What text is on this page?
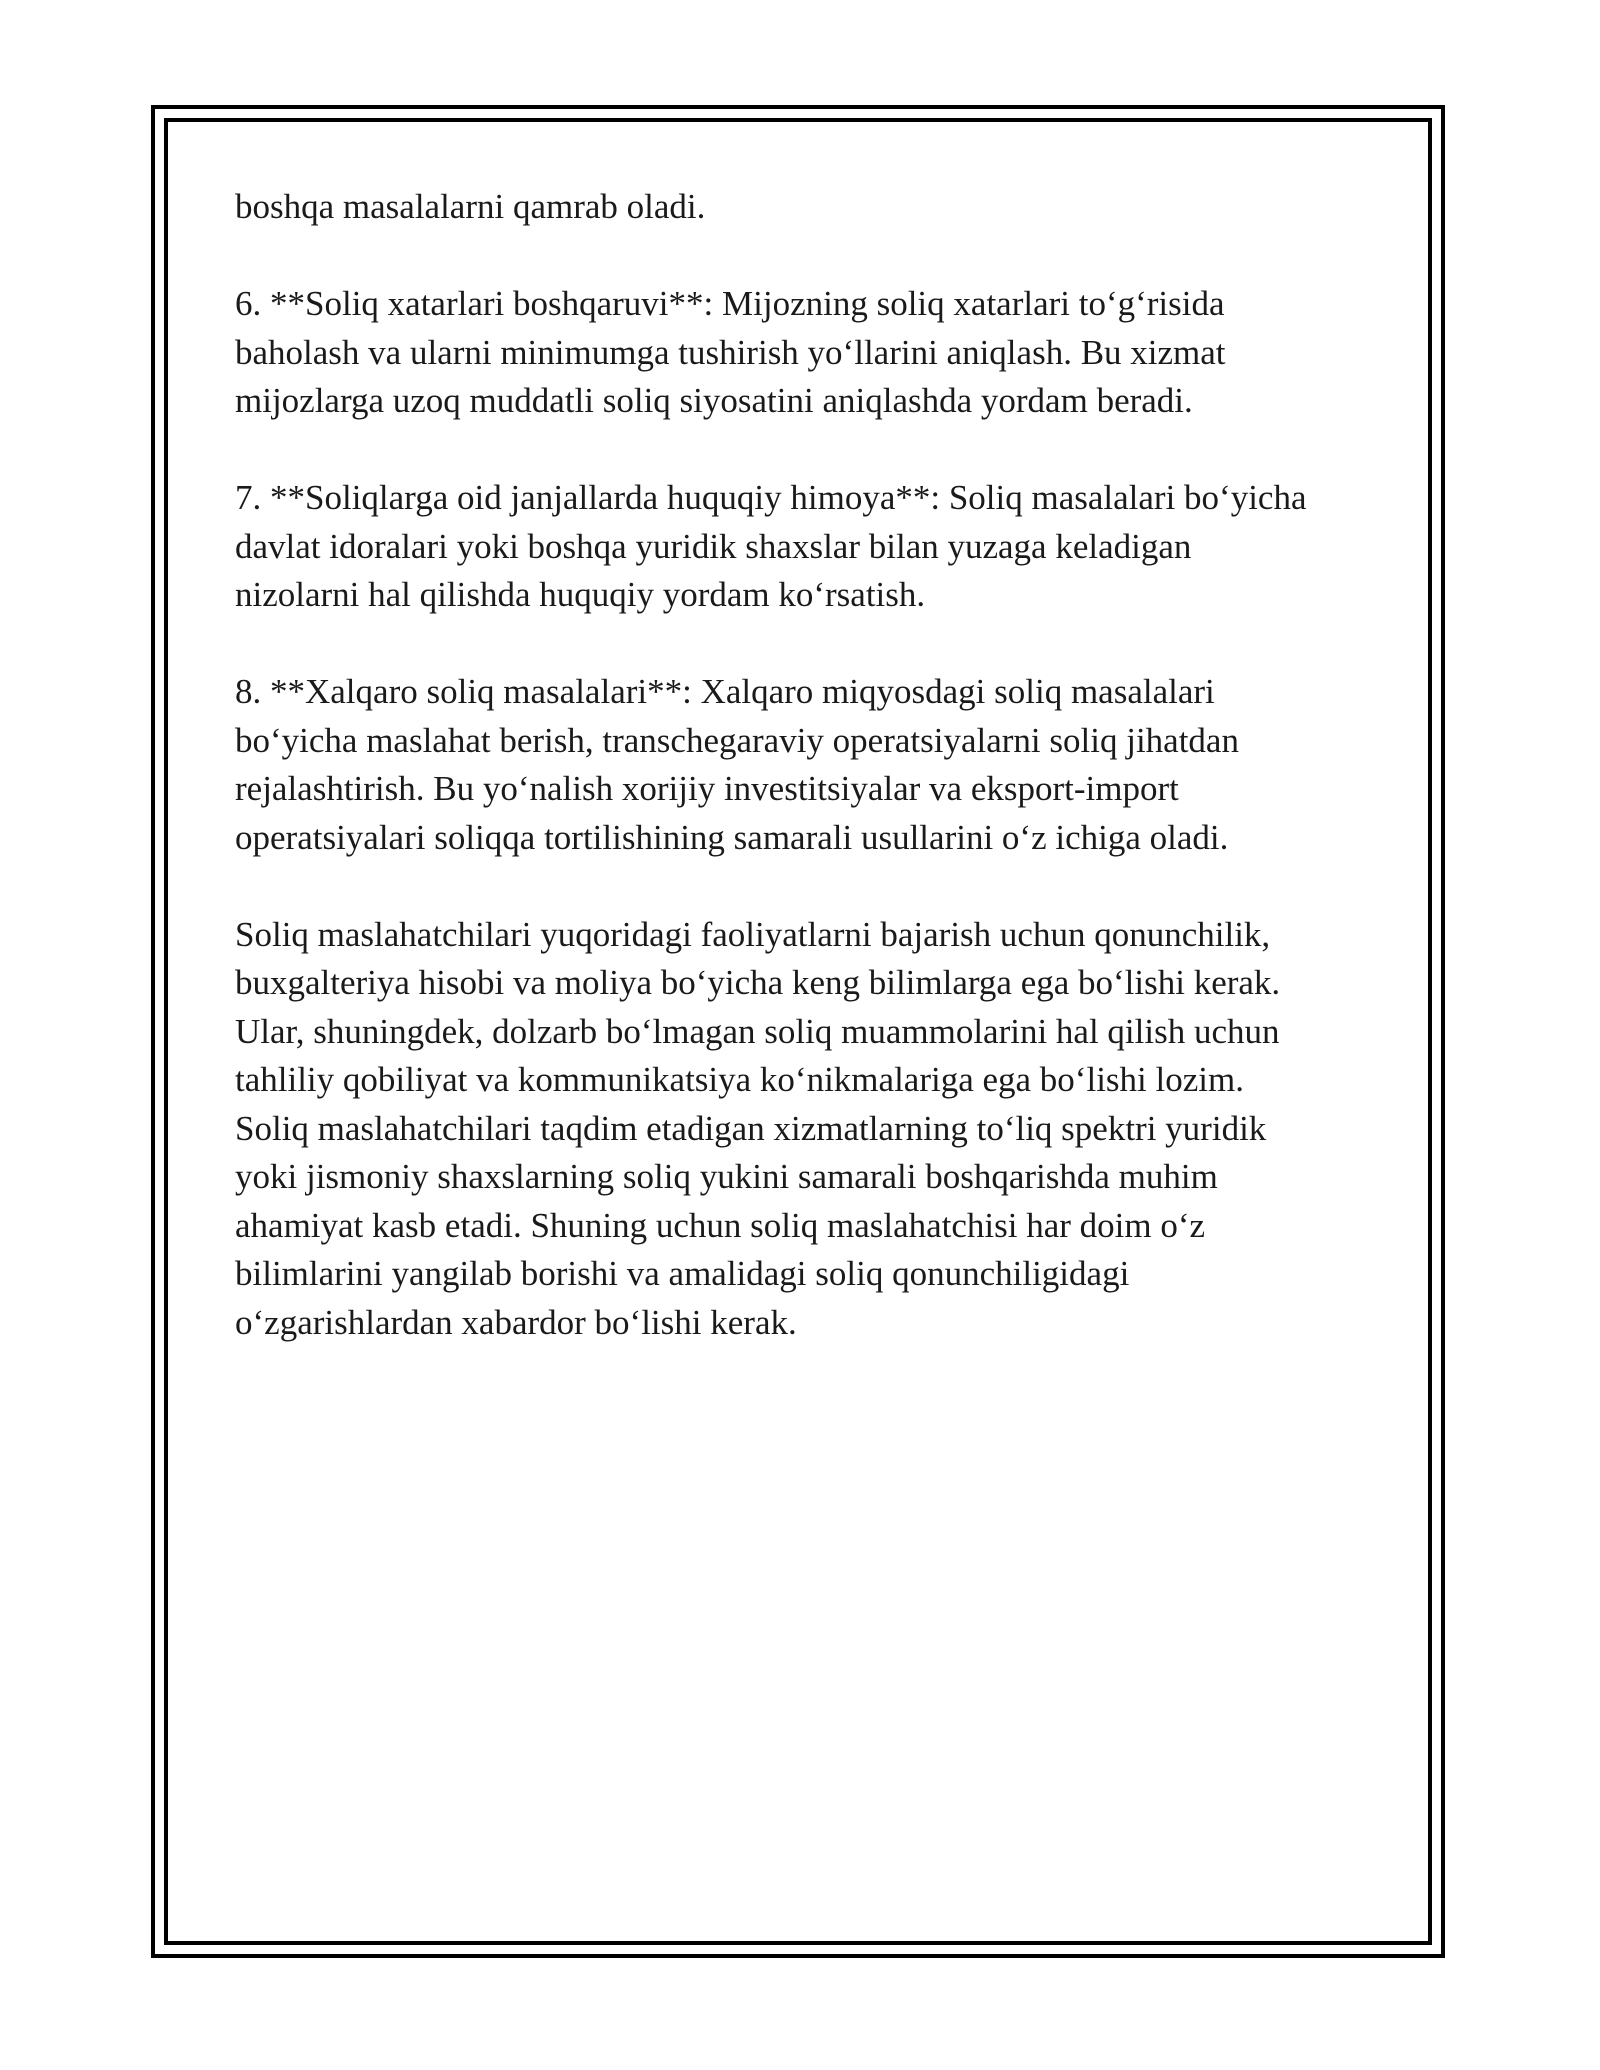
boshqa masalalarni qamrab oladi.

6. **Soliq xatarlari boshqaruvi**: Mijozning soliq xatarlari to‘g‘risida
baholash va ularni minimumga tushirish yo‘llarini aniqlash. Bu xizmat
mijozlarga uzoq muddatli soliq siyosatini aniqlashda yordam beradi.

7. **Soliqlarga oid janjallarda huquqiy himoya**: Soliq masalalari bo‘yicha
davlat idoralari yoki boshqa yuridik shaxslar bilan yuzaga keladigan
nizolarni hal qilishda huquqiy yordam ko‘rsatish.

8. **Xalqaro soliq masalalari**: Xalqaro miqyosdagi soliq masalalari
bo‘yicha maslahat berish, transchegaraviy operatsiyalarni soliq jihatdan
rejalashtirish. Bu yo‘nalish xorijiy investitsiyalar va eksport-import
operatsiyalari soliqqa tortilishining samarali usullarini o‘z ichiga oladi.

Soliq maslahatchilari yuqoridagi faoliyatlarni bajarish uchun qonunchilik,
buxgalteriya hisobi va moliya bo‘yicha keng bilimlarga ega bo‘lishi kerak.
Ular, shuningdek, dolzarb bo‘lmagan soliq muammolarini hal qilish uchun
tahliliy qobiliyat va kommunikatsiya ko‘nikmalariga ega bo‘lishi lozim.
Soliq maslahatchilari taqdim etadigan xizmatlarning to‘liq spektri yuridik
yoki jismoniy shaxslarning soliq yukini samarali boshqarishda muhim
ahamiyat kasb etadi. Shuning uchun soliq maslahatchisi har doim o‘z
bilimlarini yangilab borishi va amalidagi soliq qonunchiligidagi
o‘zgarishlardan xabardor bo‘lishi kerak.
